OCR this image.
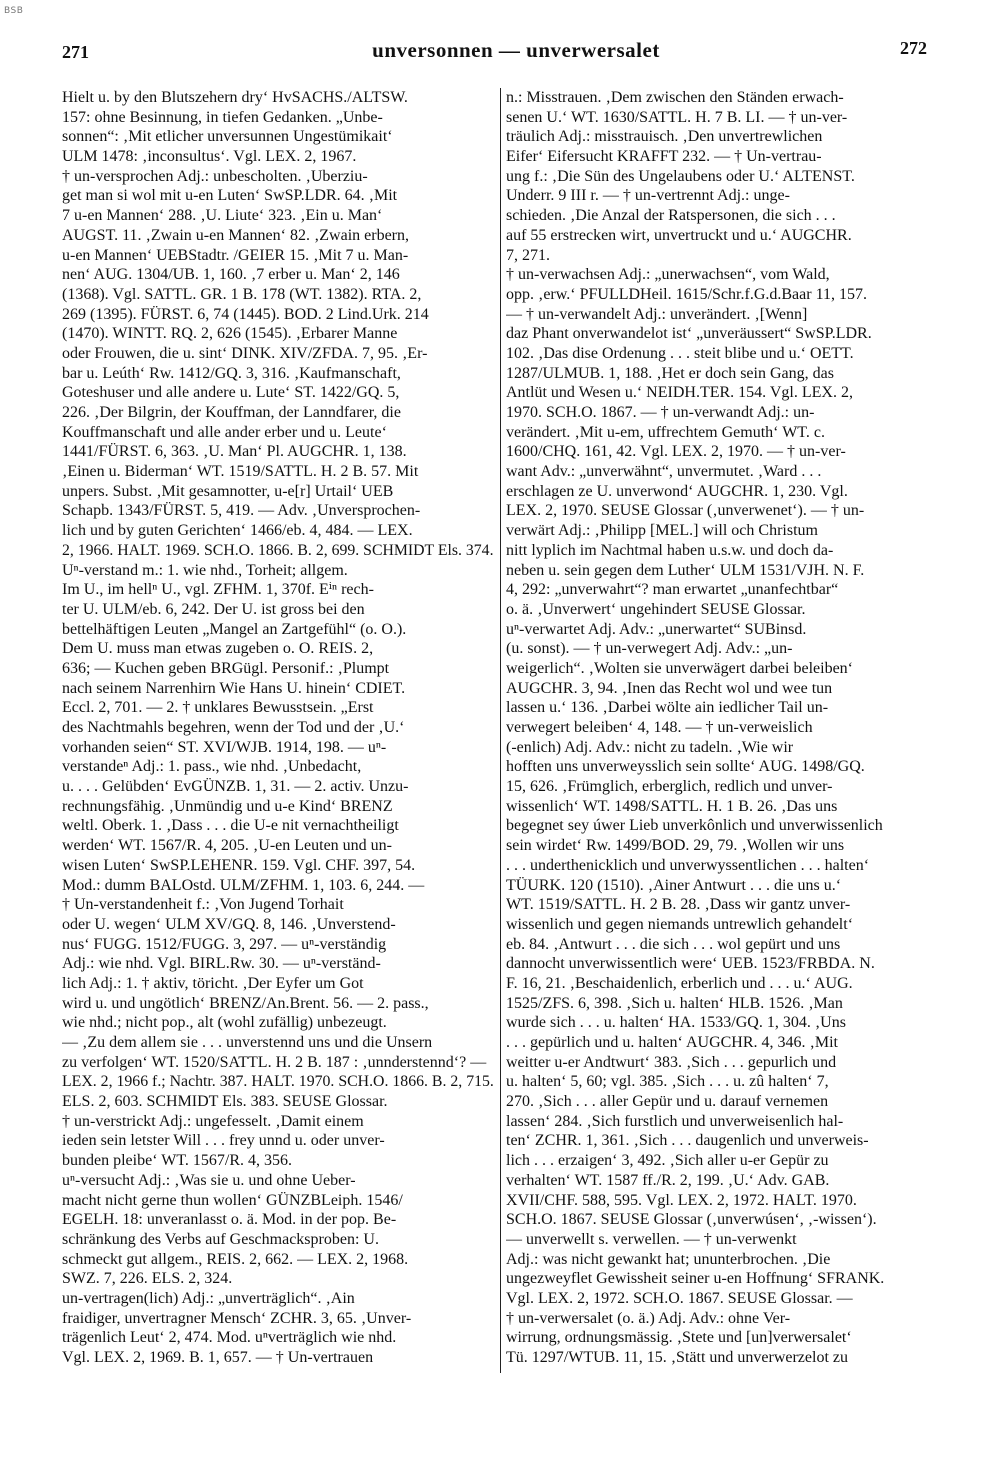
BSB
271	unversonnen — unverwersalet	272
Hielt u. by den Blutszehern dry‘ HvSACHS./ALTSW.
157: ohne Besinnung, in tiefen Gedanken. „Unbe-
sonnen“: ‚Mit etlicher unversunnen Ungestümikait‘
ULM 1478: ‚inconsultus‘. Vgl. LEX. 2, 1967.
† un-versprochen Adj.: unbescholten. ‚Uberziu-
get man si wol mit u-en Luten‘ SwSP.LDR. 64. ‚Mit
7 u-en Mannen‘ 288. ‚U. Liute‘ 323. ‚Ein u. Man‘
AUGST. 11. ‚Zwain u-en Mannen‘ 82. ‚Zwain erbern,
u-en Mannen‘ UEBStadtr. /GEIER 15. ‚Mit 7 u. Man-
nen‘ AUG. 1304/UB. 1, 160. ‚7 erber u. Man‘ 2, 146
(1368). Vgl. SATTL. GR. 1 B. 178 (WT. 1382). RTA. 2,
269 (1395). FÜRST. 6, 74 (1445). BOD. 2 Lind.Urk. 214
(1470). WINTT. RQ. 2, 626 (1545). ‚Erbarer Manne
oder Frouwen, die u. sint‘ DINK. XIV/ZFDA. 7, 95. ‚Er-
bar u. Leúth‘ Rw. 1412/GQ. 3, 316. ‚Kaufmanschaft,
Goteshuser und alle andere u. Lute‘ ST. 1422/GQ. 5,
226. ‚Der Bilgrin, der Kouffman, der Lanndfarer, die
Kouffmanschaft und alle ander erber und u. Leute‘
1441/FÜRST. 6, 363. ‚U. Man‘ Pl. AUGCHR. 1, 138.
‚Einen u. Biderman‘ WT. 1519/SATTL. H. 2 B. 57. Mit
unpers. Subst. ‚Mit gesamnotter, u-e[r] Urtail‘ UEB
Schapb. 1343/FÜRST. 5, 419. — Adv. ‚Unversprochen-
lich und by guten Gerichten‘ 1466/eb. 4, 484. — LEX.
2, 1966. HALT. 1969. SCH.O. 1866. B. 2, 699. SCHMIDT Els. 374.
Uⁿ-verstand m.: 1. wie nhd., Torheit; allgem.
Im U., im hellⁿ U., vgl. ZFHM. 1, 370f. Eⁱⁿ rech-
ter U. ULM/eb. 6, 242. Der U. ist gross bei den
bettelhäftigen Leuten „Mangel an Zartgefühl“ (o. O.).
Dem U. muss man etwas zugeben o. O. REIS. 2,
636; — Kuchen geben BRGügl. Personif.: ‚Plumpt
nach seinem Narrenhirn Wie Hans U. hinein‘ CDIET.
Eccl. 2, 701. — 2. † unklares Bewusstsein. „Erst
des Nachtmahls begehren, wenn der Tod und der ‚U.‘
vorhanden seien“ ST. XVI/WJB. 1914, 198. — uⁿ-
verstandeⁿ Adj.: 1. pass., wie nhd. ‚Unbedacht,
u. . . . Gelübden‘ EvGÜNZB. 1, 31. — 2. activ. Unzu-
rechnungsfähig. ‚Unmündig und u-e Kind‘ BRENZ
weltl. Oberk. 1. ‚Dass . . . die U-e nit vernachtheiligt
werden‘ WT. 1567/R. 4, 205. ‚U-en Leuten und un-
wisen Luten‘ SwSP.LEHENR. 159. Vgl. CHF. 397, 54.
Mod.: dumm BALOstd. ULM/ZFHM. 1, 103. 6, 244. —
† Un-verstandenheit f.: ‚Von Jugend Torhait
oder U. wegen‘ ULM XV/GQ. 8, 146. ‚Unverstend-
nus‘ FUGG. 1512/FUGG. 3, 297. — uⁿ-verständig
Adj.: wie nhd. Vgl. BIRL.Rw. 30. — uⁿ-verständ-
lich Adj.: 1. † aktiv, töricht. ‚Der Eyfer um Got
wird u. und ungötlich‘ BRENZ/An.Brent. 56. — 2. pass.,
wie nhd.; nicht pop., alt (wohl zufällig) unbezeugt.
— ‚Zu dem allem sie . . . unverstennd uns und die Unsern
zu verfolgen‘ WT. 1520/SATTL. H. 2 B. 187 : ‚unnderstennd‘? —
LEX. 2, 1966 f.; Nachtr. 387. HALT. 1970. SCH.O. 1866. B. 2, 715.
ELS. 2, 603. SCHMIDT Els. 383. SEUSE Glossar.
† un-verstrickt Adj.: ungefesselt. ‚Damit einem
ieden sein letster Will . . . frey unnd u. oder unver-
bunden pleibe‘ WT. 1567/R. 4, 356.
uⁿ-versucht Adj.: ‚Was sie u. und ohne Ueber-
macht nicht gerne thun wollen‘ GÜNZBLeiph. 1546/
EGELH. 18: unveranlasst o. ä. Mod. in der pop. Be-
schränkung des Verbs auf Geschmacksproben: U.
schmeckt gut allgem., REIS. 2, 662. — LEX. 2, 1968.
SWZ. 7, 226. ELS. 2, 324.
un-vertragen(lich) Adj.: „unverträglich“. ‚Ain
fraidiger, unvertragner Mensch‘ ZCHR. 3, 65. ‚Unver-
trägenlich Leut‘ 2, 474. Mod. uⁿverträglich wie nhd.
Vgl. LEX. 2, 1969. B. 1, 657. — † Un-vertrauen
n.: Misstrauen. ‚Dem zwischen den Ständen erwach-
senen U.‘ WT. 1630/SATTL. H. 7 B. LI. — † un-ver-
träulich Adj.: misstrauisch. ‚Den unvertrewlichen
Eifer‘ Eifersucht KRAFFT 232. — † Un-vertrau-
ung f.: ‚Die Sün des Ungelaubens oder U.‘ ALTENST.
Underr. 9 III r. — † un-vertrennt Adj.: unge-
schieden. ‚Die Anzal der Ratspersonen, die sich . . .
auf 55 erstrecken wirt, unvertruckt und u.‘ AUGCHR.
7, 271.
† un-verwachsen Adj.: „unerwachsen“, vom Wald,
opp. ‚erw.‘ PFULLDHeil. 1615/Schr.f.G.d.Baar 11, 157.
— † un-verwandelt Adj.: unverändert. ‚[Wenn]
daz Phant onverwandelot ist‘ „unveräussert“ SwSP.LDR.
102. ‚Das dise Ordenung . . . steit blibe und u.‘ OETT.
1287/ULMUB. 1, 188. ‚Het er doch sein Gang, das
Antlüt und Wesen u.‘ NEIDH.TER. 154. Vgl. LEX. 2,
1970. SCH.O. 1867. — † un-verwandt Adj.: un-
verändert. ‚Mit u-em, uffrechtem Gemuth‘ WT. c.
1600/CHQ. 161, 42. Vgl. LEX. 2, 1970. — † un-ver-
want Adv.: „unverwähnt“, unvermutet. ‚Ward . . .
erschlagen ze U. unverwond‘ AUGCHR. 1, 230. Vgl.
LEX. 2, 1970. SEUSE Glossar (‚unverwenet‘). — † un-
verwärt Adj.: ‚Philipp [MEL.] will och Christum
nitt lyplich im Nachtmal haben u.s.w. und doch da-
neben u. sein gegen dem Luther‘ ULM 1531/VJH. N. F.
4, 292: „unverwahrt“? man erwartet „unanfechtbar“
o. ä. ‚Unverwert‘ ungehindert SEUSE Glossar.
uⁿ-verwartet Adj. Adv.: „unerwartet“ SUBinsd.
(u. sonst). — † un-verwegert Adj. Adv.: „un-
weigerlich“. ‚Wolten sie unverwägert darbei beleiben‘
AUGCHR. 3, 94. ‚Inen das Recht wol und wee tun
lassen u.‘ 136. ‚Darbei wölte ain iedlicher Tail un-
verwegert beleiben‘ 4, 148. — † un-verweislich
(-enlich) Adj. Adv.: nicht zu tadeln. ‚Wie wir
hofften uns unverweysslich sein sollte‘ AUG. 1498/GQ.
15, 626. ‚Frümglich, erberglich, redlich und unver-
wissenlich‘ WT. 1498/SATTL. H. 1 B. 26. ‚Das uns
begegnet sey úwer Lieb unverkônlich und unverwissenlich
sein wirdet‘ Rw. 1499/BOD. 29, 79. ‚Wollen wir uns
. . . underthenicklich und unverwyssentlichen . . . halten‘
TÜURK. 120 (1510). ‚Ainer Antwurt . . . die uns u.‘
WT. 1519/SATTL. H. 2 B. 28. ‚Dass wir gantz unver-
wissenlich und gegen niemands untrewlich gehandelt‘
eb. 84. ‚Antwurt . . . die sich . . . wol gepürt und uns
dannocht unverwissentlich were‘ UEB. 1523/FRBDA. N.
F. 16, 21. ‚Beschaidenlich, erberlich und . . . u.‘ AUG.
1525/ZFS. 6, 398. ‚Sich u. halten‘ HLB. 1526. ‚Man
wurde sich . . . u. halten‘ HA. 1533/GQ. 1, 304. ‚Uns
. . . gepürlich und u. halten‘ AUGCHR. 4, 346. ‚Mit
weitter u-er Andtwurt‘ 383. ‚Sich . . . gepurlich und
u. halten‘ 5, 60; vgl. 385. ‚Sich . . . u. zû halten‘ 7,
270. ‚Sich . . . aller Gepür und u. darauf vernemen
lassen‘ 284. ‚Sich furstlich und unverweisenlich hal-
ten‘ ZCHR. 1, 361. ‚Sich . . . daugenlich und unverweis-
lich . . . erzaigen‘ 3, 492. ‚Sich aller u-er Gepür zu
verhalten‘ WT. 1587 ff./R. 2, 199. ‚U.‘ Adv. GAB.
XVII/CHF. 588, 595. Vgl. LEX. 2, 1972. HALT. 1970.
SCH.O. 1867. SEUSE Glossar (‚unverwúsen‘, ‚-wissen‘).
— unverwellt s. verwellen. — † un-verwenkt
Adj.: was nicht gewankt hat; ununterbrochen. ‚Die
ungezweyflet Gewissheit seiner u-en Hoffnung‘ SFRANK.
Vgl. LEX. 2, 1972. SCH.O. 1867. SEUSE Glossar. —
† un-verwersalet (o. ä.) Adj. Adv.: ohne Ver-
wirrung, ordnungsmässig. ‚Stete und [un]verwersalet‘
Tü. 1297/WTUB. 11, 15. ‚Stätt und unverwerzelot zu
